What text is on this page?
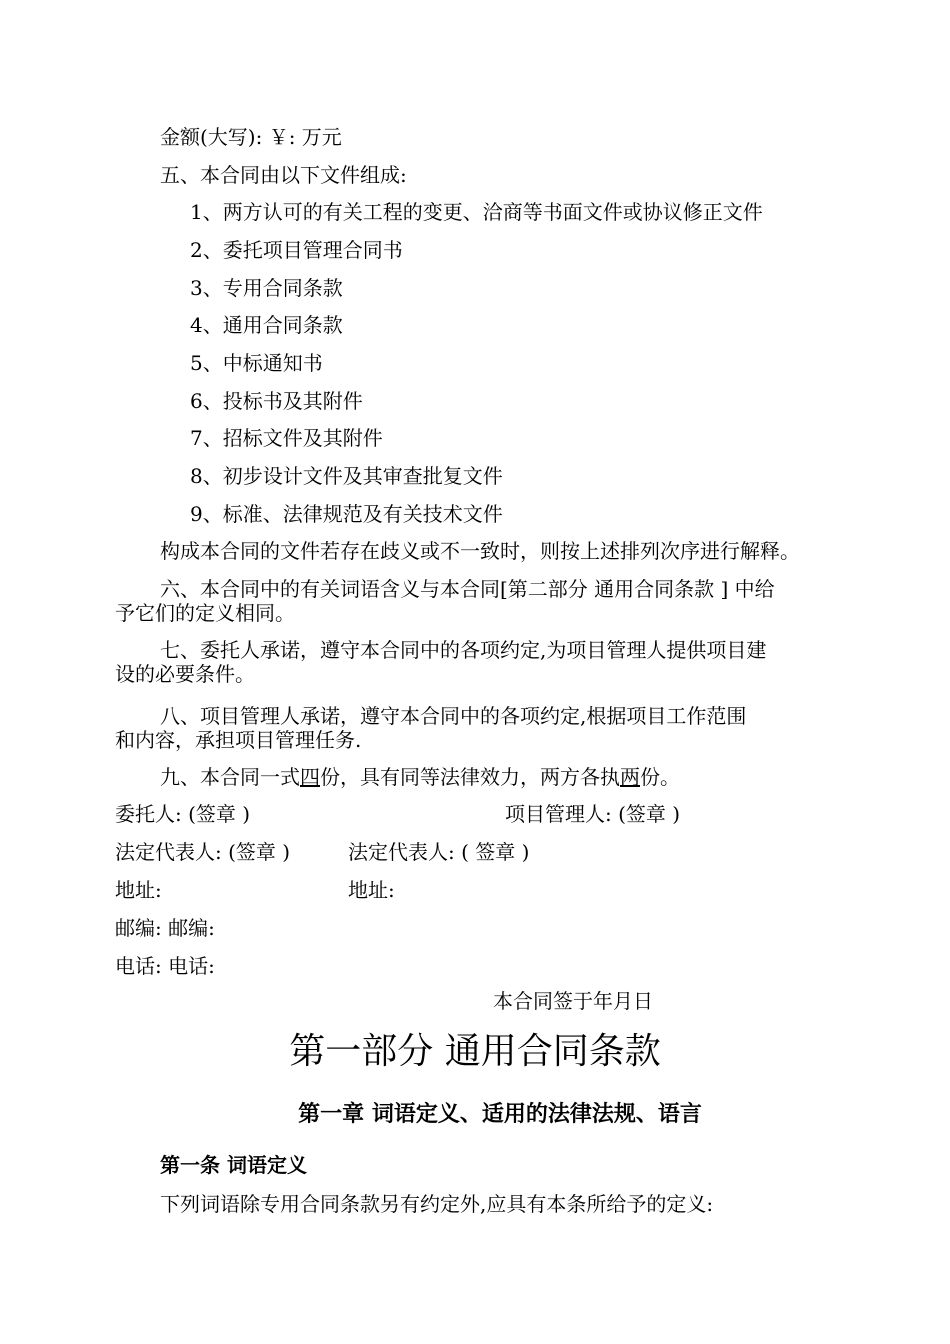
金额(大写): ￥: 万元
五、本合同由以下文件组成:
1、两方认可的有关工程的变更、洽商等书面文件或协议修正文件
2、委托项目管理合同书
3、专用合同条款
4、通用合同条款
5、中标通知书
6、投标书及其附件
7、招标文件及其附件
8、初步设计文件及其审查批复文件
9、标准、法律规范及有关技术文件
构成本合同的文件若存在歧义或不一致时，则按上述排列次序进行解释。
六、本合同中的有关词语含义与本合同[第二部分 通用合同条款 ] 中给
予它们的定义相同。
七、委托人承诺，遵守本合同中的各项约定,为项目管理人提供项目建
设的必要条件。
八、项目管理人承诺，遵守本合同中的各项约定,根据项目工作范围
和内容，承担项目管理任务.
九、本合同一式四份，具有同等法律效力，两方各执两份。
委托人: (签章 )	项目管理人: (签章 )
法定代表人: (签章 )	法定代表人: ( 签章 )
地址:	地址:
邮编: 邮编:
电话: 电话:
本合同签于年月日
第一部分 通用合同条款
第一章 词语定义、适用的法律法规、语言
第一条 词语定义
下列词语除专用合同条款另有约定外,应具有本条所给予的定义:
